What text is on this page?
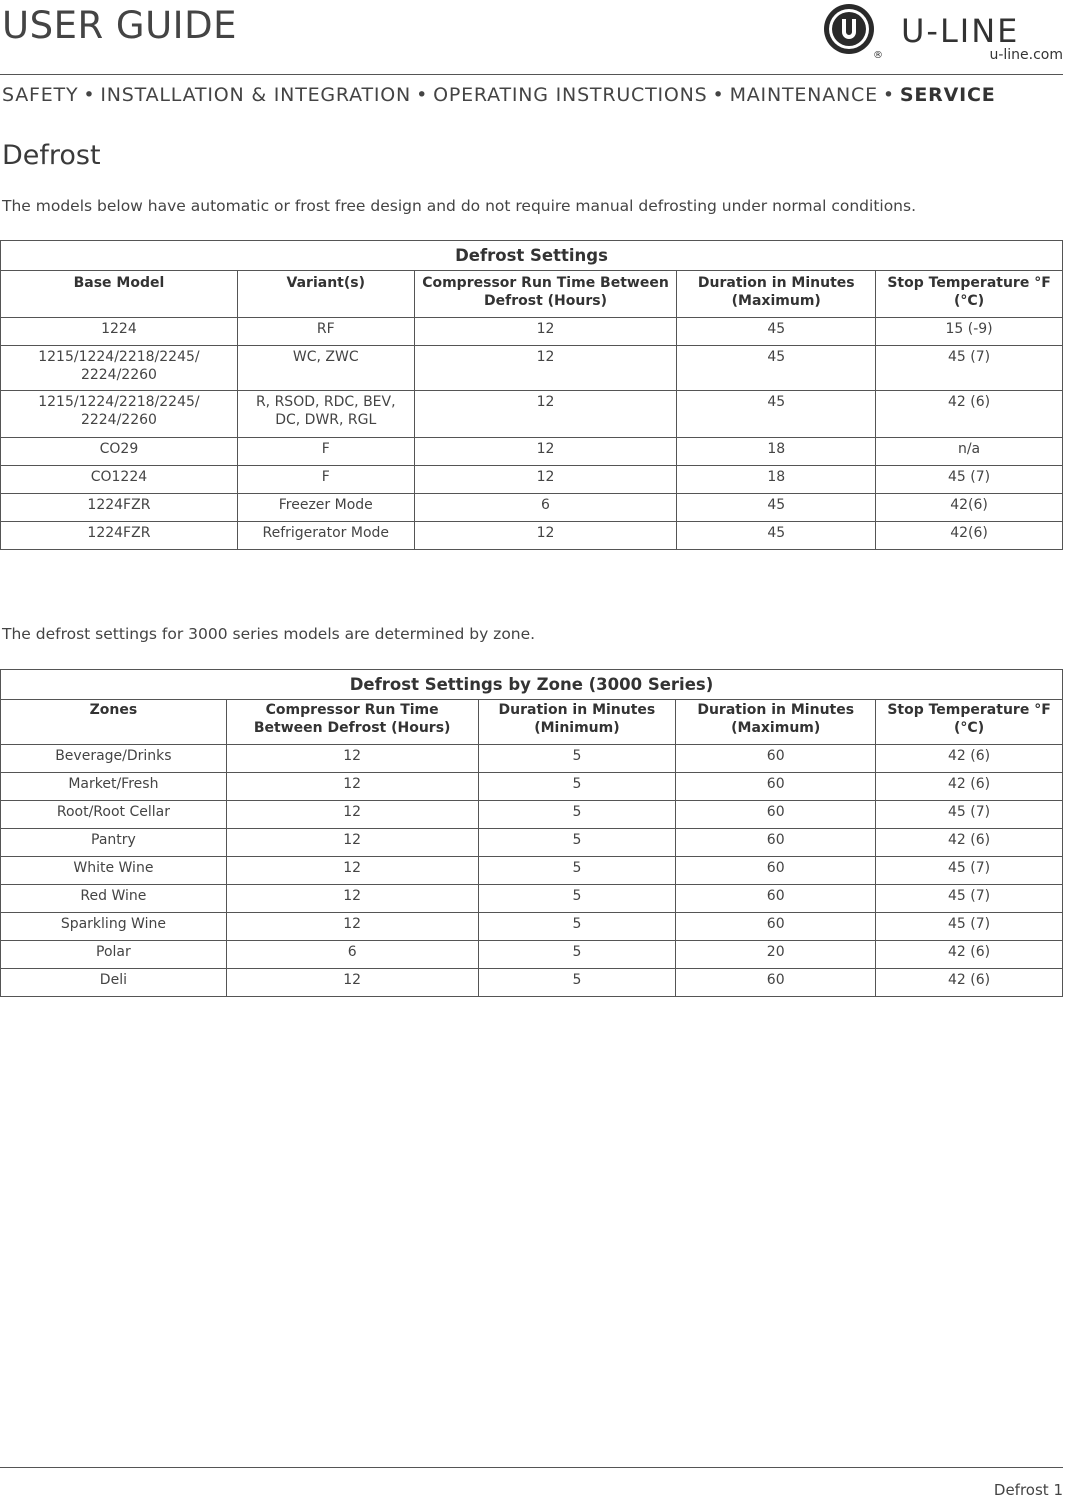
USER GUIDE
®
U-LINE
u-line.com
SAFETY • INSTALLATION & INTEGRATION • OPERATING INSTRUCTIONS • MAINTENANCE • SERVICE
Defrost
The models below have automatic or frost free design and do not require manual defrosting under normal conditions.
Defrost Settings				
Base Model	Variant(s)	Compressor Run Time Between Defrost (Hours)	Duration in Minutes (Maximum)	Stop Temperature °F (°C)
1224	RF	12	45	15 (-9)
1215/1224/2218/2245/ 2224/2260	WC, ZWC	12	45	45 (7)
1215/1224/2218/2245/ 2224/2260	R, RSOD, RDC, BEV, DC, DWR, RGL	12	45	42 (6)
CO29	F	12	18	n/a
CO1224	F	12	18	45 (7)
1224FZR	Freezer Mode	6	45	42(6)
1224FZR	Refrigerator Mode	12	45	42(6)
The defrost settings for 3000 series models are determined by zone.
Defrost Settings by Zone (3000 Series)				
Zones	Compressor Run Time Between Defrost (Hours)	Duration in Minutes (Minimum)	Duration in Minutes (Maximum)	Stop Temperature °F (°C)
Beverage/Drinks	12	5	60	42 (6)
Market/Fresh	12	5	60	42 (6)
Root/Root Cellar	12	5	60	45 (7)
Pantry	12	5	60	42 (6)
White Wine	12	5	60	45 (7)
Red Wine	12	5	60	45 (7)
Sparkling Wine	12	5	60	45 (7)
Polar	6	5	20	42 (6)
Deli	12	5	60	42 (6)
Defrost 1
